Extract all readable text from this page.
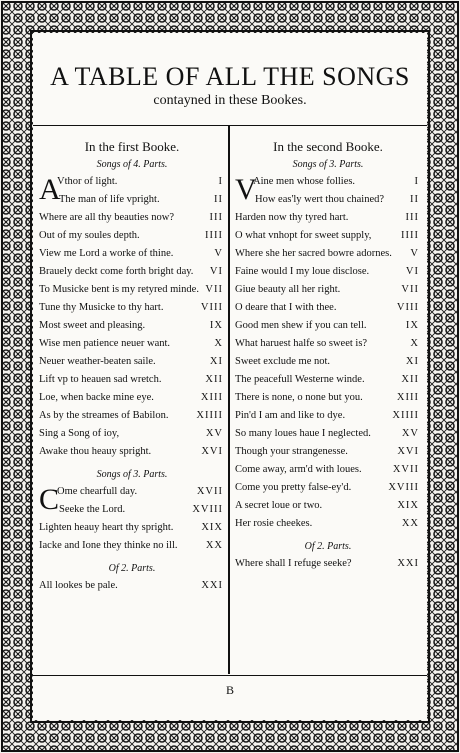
A TABLE OF ALL THE SONGS
contayned in these Bookes.
In the first Booke.
Songs of 4. Parts.
A
Vthor of light.	I
The man of life vpright.	II
Where are all thy beauties now?	III
Out of my soules depth.	IIII
View me Lord a worke of thine.	V
Brauely deckt come forth bright day. VI
To Musicke bent is my retyred minde. VII
Tune thy Musicke to thy hart.	VIII
Most sweet and pleasing.	IX
Wise men patience neuer want.	X
Neuer weather-beaten saile.	XI
Lift vp to heauen sad wretch.	XII
Loe, when backe mine eye.	XIII
As by the streames of Babilon.	XIIII
Sing a Song of ioy,	XV
Awake thou heauy spright.	XVI
Songs of 3. Parts.
C
Ome chearfull day.	XVII
Seeke the Lord.	XVIII
Lighten heauy heart thy spright.	XIX
Iacke and Ione they thinke no ill.	XX
Of 2. Parts.
All lookes be pale.	XXI
In the second Booke.
Songs of 3. Parts.
V
Aine men whose follies.	I
How eas'ly wert thou chained? II
Harden now thy tyred hart.	III
O what vnhopt for sweet supply,	IIII
Where she her sacred bowre adornes. V
Faine would I my loue disclose.	VI
Giue beauty all her right.	VII
O deare that I with thee.	VIII
Good men shew if you can tell.	IX
What haruest halfe so sweet is?	X
Sweet exclude me not.	XI
The peacefull Westerne winde.	XII
There is none, o none but you.	XIII
Pin'd I am and like to dye.	XIIII
So many loues haue I neglected.	XV
Though your strangenesse.	XVI
Come away, arm'd with loues.	XVII
Come you pretty false-ey'd.	XVIII
A secret loue or two.	XIX
Her rosie cheekes.	XX
Of 2. Parts.
Where shall I refuge seeke?	XXI
B
